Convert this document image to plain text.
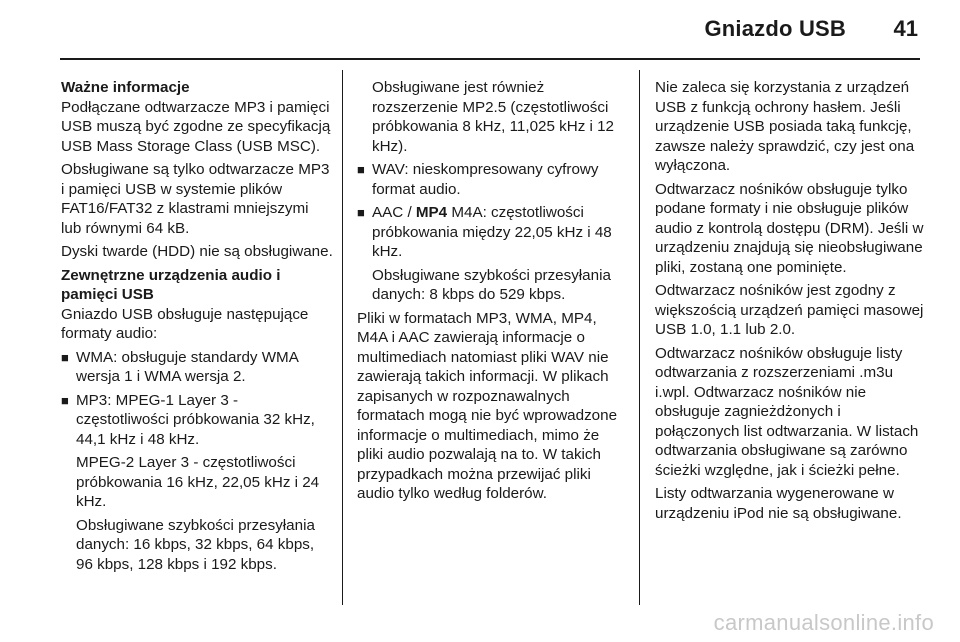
Gniazdo USB 41
Ważne informacje

Podłączane odtwarzacze MP3 i pamięci USB muszą być zgodne ze specyfikacją USB Mass Storage Class (USB MSC).

Obsługiwane są tylko odtwarzacze MP3 i pamięci USB w systemie plików FAT16/FAT32 z klastrami mniejszymi lub równymi 64 kB.

Dyski twarde (HDD) nie są obsługiwane.

Zewnętrzne urządzenia audio i pamięci USB

Gniazdo USB obsługuje następujące formaty audio:

■ WMA: obsługuje standardy WMA wersja 1 i WMA wersja 2.
■ MP3: MPEG-1 Layer 3 - częstotliwości próbkowania 32 kHz, 44,1 kHz i 48 kHz.

MPEG-2 Layer 3 - częstotliwości próbkowania 16 kHz, 22,05 kHz i 24 kHz.

Obsługiwane szybkości przesyłania danych: 16 kbps, 32 kbps, 64 kbps, 96 kbps, 128 kbps i 192 kbps.

Obsługiwane jest również rozszerzenie MP2.5 (częstotliwości próbkowania 8 kHz, 11,025 kHz i 12 kHz).

■ WAV: nieskompresowany cyfrowy format audio.
■ AAC / MP4 M4A: częstotliwości próbkowania między 22,05 kHz i 48 kHz.

Obsługiwane szybkości przesyłania danych: 8 kbps do 529 kbps.

Pliki w formatach MP3, WMA, MP4, M4A i AAC zawierają informacje o multimediach natomiast pliki WAV nie zawierają takich informacji. W plikach zapisanych w rozpoznawalnych formatach mogą nie być wprowadzone informacje o multimediach, mimo że pliki audio pozwalają na to. W takich przypadkach można przewijać pliki audio tylko według folderów.

Nie zaleca się korzystania z urządzeń USB z funkcją ochrony hasłem. Jeśli urządzenie USB posiada taką funkcję, zawsze należy sprawdzić, czy jest ona wyłączona.

Odtwarzacz nośników obsługuje tylko podane formaty i nie obsługuje plików audio z kontrolą dostępu (DRM). Jeśli w urządzeniu znajdują się nieobsługiwane pliki, zostaną one pominięte.

Odtwarzacz nośników jest zgodny z większością urządzeń pamięci masowej USB 1.0, 1.1 lub 2.0.

Odtwarzacz nośników obsługuje listy odtwarzania z rozszerzeniami .m3u i.wpl. Odtwarzacz nośników nie obsługuje zagnieżdżonych i połączonych list odtwarzania. W listach odtwarzania obsługiwane są zarówno ścieżki względne, jak i ścieżki pełne.

Listy odtwarzania wygenerowane w urządzeniu iPod nie są obsługiwane.

carmanualsonline.info
